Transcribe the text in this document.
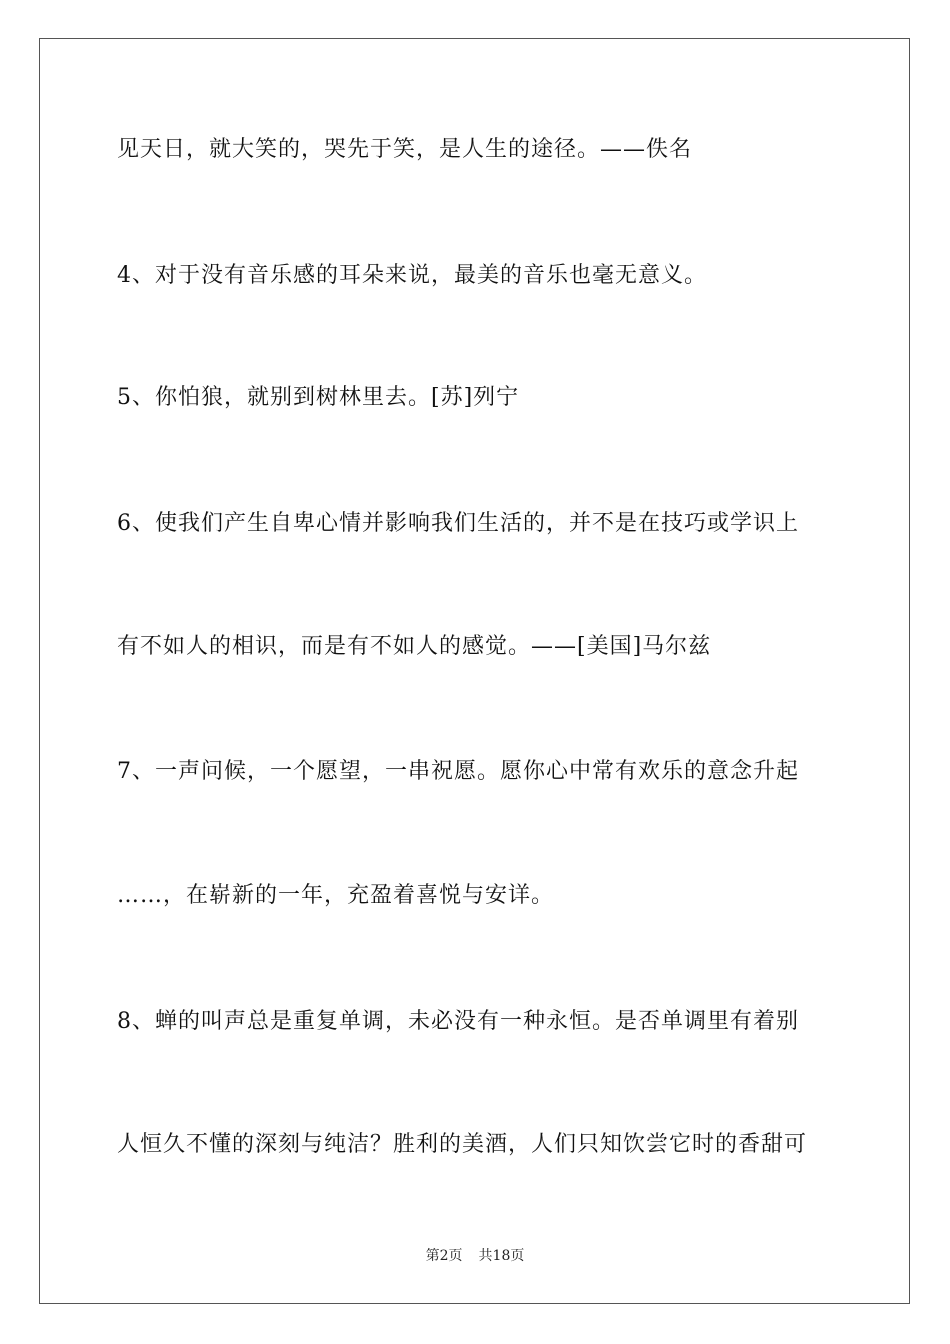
见天日，就大笑的，哭先于笑，是人生的途径。——佚名
4、对于没有音乐感的耳朵来说，最美的音乐也毫无意义。
5、你怕狼，就别到树林里去。[苏]列宁
6、使我们产生自卑心情并影响我们生活的，并不是在技巧或学识上
有不如人的相识，而是有不如人的感觉。——[美国]马尔兹
7、一声问候，一个愿望，一串祝愿。愿你心中常有欢乐的意念升起
……，在崭新的一年，充盈着喜悦与安详。
8、蝉的叫声总是重复单调，未必没有一种永恒。是否单调里有着别
人恒久不懂的深刻与纯洁？胜利的美酒，人们只知饮尝它时的香甜可
第2页 共18页
